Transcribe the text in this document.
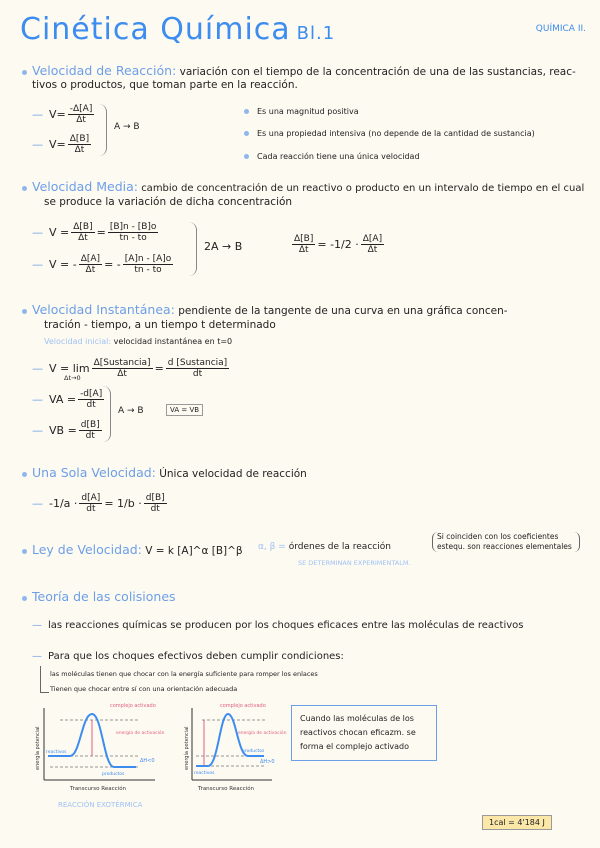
Cinética Química Bl.1	QUÍMICA II.
Velocidad de Reacción: variación con el tiempo de la concentración de una de las sustancias, reac-
tivos o productos, que toman parte en la reacción.
— $V= \frac{-\Delta[A]}{\Delta t}$
— $V= \frac{\Delta[B]}{\Delta t}$
A → B
Es una magnitud positiva
Es una propiedad intensiva (no depende de la cantidad de sustancia)
Cada reacción tiene una única velocidad
Velocidad Media: cambio de concentración de un reactivo o producto en un intervalo de tiempo en el cual
se produce la variación de dicha concentración
— $V = \frac{\Delta[B]}{\Delta t} = \frac{[B]n - [B]o}{tn - to}$
— V = - $\frac{\Delta[A]}{\Delta t}$ = - $\frac{[A]n - [A]o}{tn - to}$
2A → B	$\frac{\Delta[B]}{\Delta t} = -1/2 \cdot \frac{\Delta[A]}{\Delta t}$
Velocidad Instantánea: pendiente de la tangente de una curva en una gráfica concen-
tración - tiempo, a un tiempo t determinado
Velocidad inicial: velocidad instantánea en t=0
— $V = \lim \frac{\text{Δ[Sustancia]}}{\Delta t} = \frac{\text{d [Sustancia]}}{dt}$
Δt→0
— VA = $\frac{-d[A]}{dt}$
— VB = $\frac{d[B]}{dt}$
A → B	VA = VB
Una Sola Velocidad: Única velocidad de reacción
— $-1/a \cdot \frac{d[A]}{dt} = 1/b \cdot \frac{d[B]}{dt}$
Ley de Velocidad: V = k [A]^α [B]^β α, β = órdenes de la reacción
SE DETERMINAN EXPERIMENTALM.
Si coinciden con los coeficientes estequ. son reacciones elementales
Teoría de las colisiones
— las reacciones químicas se producen por los choques eficaces entre las moléculas de reactivos
— Para que los choques efectivos deben cumplir condiciones:
las moléculas tienen que chocar con la energía suficiente para romper los enlaces
Tienen que chocar entre sí con una orientación adecuada
energía potencial
complejo activado
energía de activación
reactivos
productos
ΔH<0
Transcurso Reacción
REACCIÓN EXOTÉRMICA
energía potencial
complejo activado
energía de activación
reactivos
productos
ΔH>0
Transcurso Reacción
Cuando las moléculas de los reactivos chocan eficazm. se forma el complejo activado
1cal = 4'184 J
